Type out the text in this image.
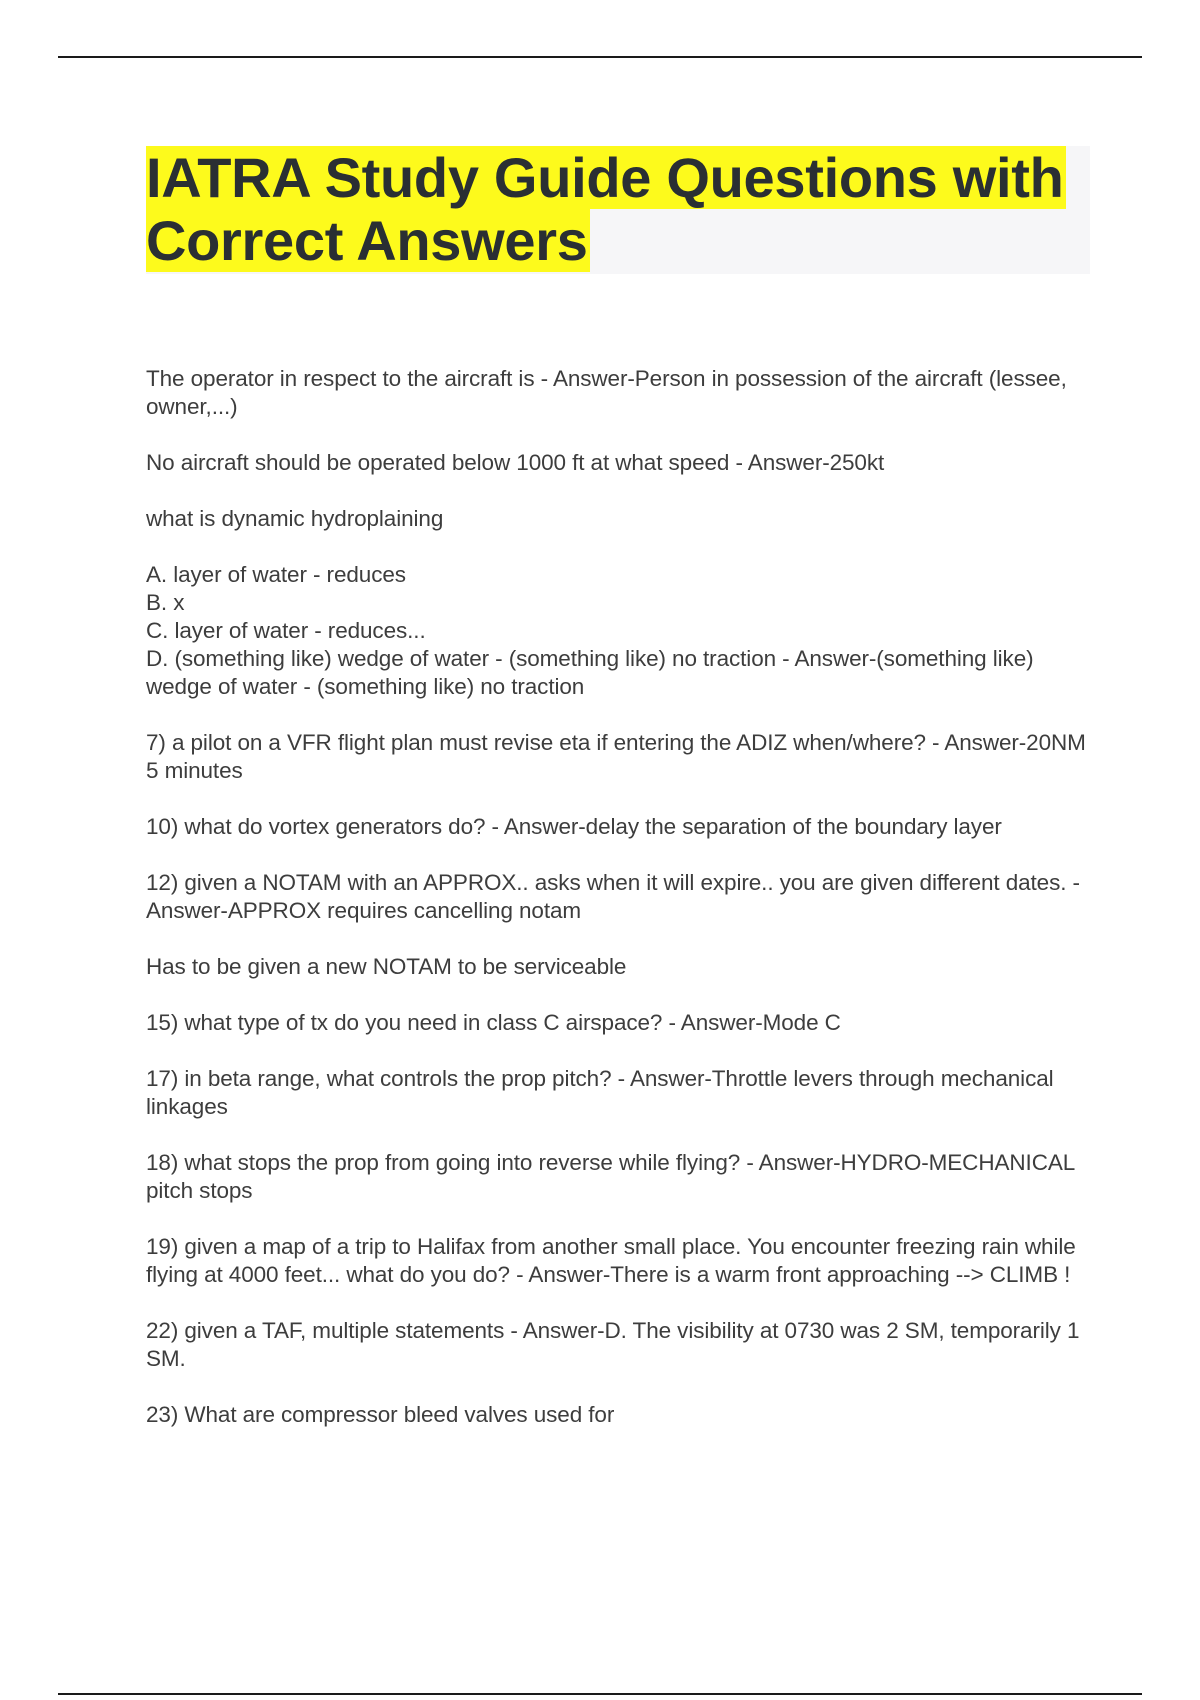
IATRA Study Guide Questions with Correct Answers

The operator in respect to the aircraft is - Answer-Person in possession of the aircraft (lessee, owner,...)

No aircraft should be operated below 1000 ft at what speed - Answer-250kt

what is dynamic hydroplaining

A. layer of water - reduces
B. x
C. layer of water - reduces...
D. (something like) wedge of water - (something like) no traction - Answer-(something like) wedge of water - (something like) no traction

7) a pilot on a VFR flight plan must revise eta if entering the ADIZ when/where? - Answer-20NM 5 minutes

10) what do vortex generators do? - Answer-delay the separation of the boundary layer

12) given a NOTAM with an APPROX.. asks when it will expire.. you are given different dates. - Answer-APPROX requires cancelling notam

Has to be given a new NOTAM to be serviceable

15) what type of tx do you need in class C airspace? - Answer-Mode C

17) in beta range, what controls the prop pitch? - Answer-Throttle levers through mechanical linkages

18) what stops the prop from going into reverse while flying? - Answer-HYDRO-MECHANICAL pitch stops

19) given a map of a trip to Halifax from another small place. You encounter freezing rain while flying at 4000 feet... what do you do? - Answer-There is a warm front approaching --> CLIMB !

22) given a TAF, multiple statements - Answer-D. The visibility at 0730 was 2 SM, temporarily 1 SM.

23) What are compressor bleed valves used for
